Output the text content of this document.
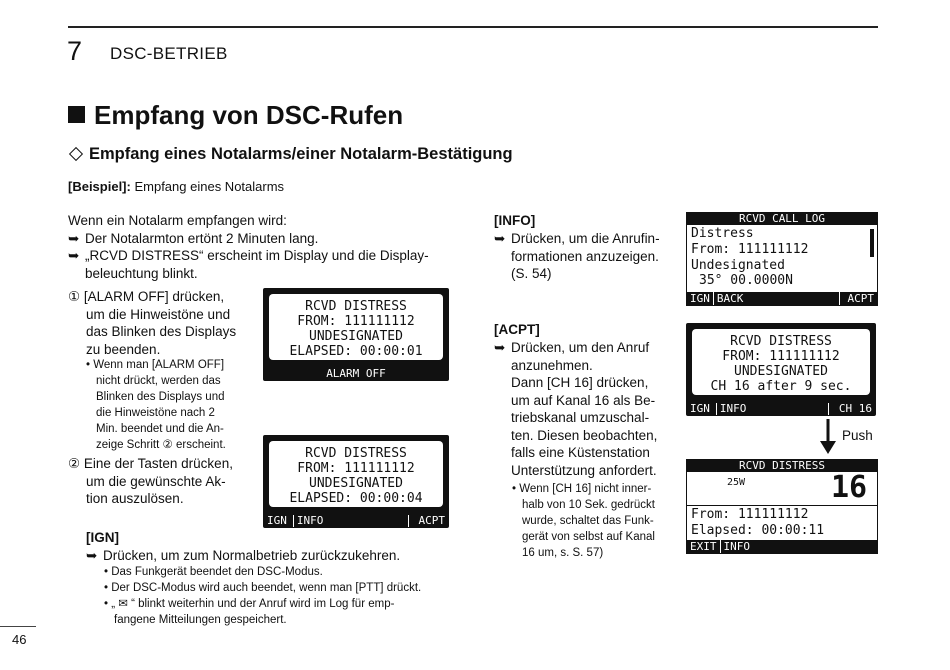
7 DSC-BETRIEB
Empfang von DSC-Rufen
Empfang eines Notalarms/einer Notalarm-Bestätigung
[Beispiel]: Empfang eines Notalarms
Wenn ein Notalarm empfangen wird:
➥ Der Notalarmton ertönt 2 Minuten lang.
➥ „RCVD DISTRESS“ erscheint im Display und die Display-
beleuchtung blinkt.
① [ALARM OFF] drücken,
um die Hinweistöne und
das Blinken des Displays
zu beenden.
• Wenn man [ALARM OFF]
nicht drückt, werden das
Blinken des Displays und
die Hinweistöne nach 2
Min. beendet und die An-
zeige Schritt ② erscheint.
② Eine der Tasten drücken,
um die gewünschte Ak-
tion auszulösen.
[IGN]
➥ Drücken, um zum Normalbetrieb zurückzukehren.
• Das Funkgerät beendet den DSC-Modus.
• Der DSC-Modus wird auch beendet, wenn man [PTT] drückt.
• „ ✉ “ blinkt weiterhin und der Anruf wird im Log für emp-
fangene Mitteilungen gespeichert.
RCVD DISTRESS
FROM: 111111112
UNDESIGNATED
ELAPSED: 00:00:01
ALARM OFF
RCVD DISTRESS
FROM: 111111112
UNDESIGNATED
ELAPSED: 00:00:04
IGN INFO	ACPT
[INFO]
➥ Drücken, um die Anrufin-
formationen anzuzeigen.
(S. 54)
[ACPT]
➥ Drücken, um den Anruf
anzunehmen.
Dann [CH 16] drücken,
um auf Kanal 16 als Be-
triebskanal umzuschal-
ten. Diesen beobachten,
falls eine Küstenstation
Unterstützung anfordert.
• Wenn [CH 16] nicht inner-
halb von 10 Sek. gedrückt
wurde, schaltet das Funk-
gerät von selbst auf Kanal
16 um, s. S. 57)
RCVD CALL LOG
Distress
From: 111111112
Undesignated
35° 00.0000N
IGN BACK	ACPT
RCVD DISTRESS
FROM: 111111112
UNDESIGNATED
CH 16 after 9 sec.
IGN INFO	CH 16
Push
RCVD DISTRESS
25W	16
From: 111111112
Elapsed: 00:00:11
EXIT INFO
46
